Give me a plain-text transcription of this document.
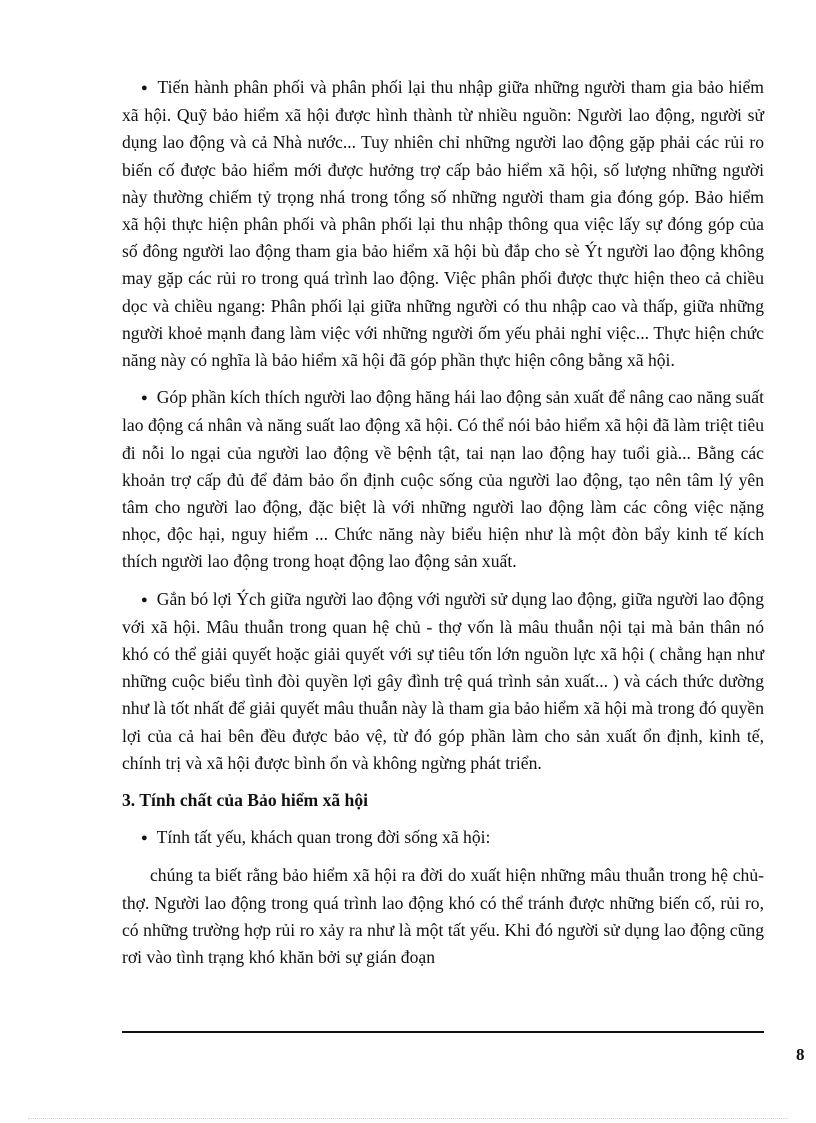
● Tiến hành phân phối và phân phối lại thu nhập giữa những người tham gia bảo hiểm xã hội. Quỹ bảo hiểm xã hội được hình thành từ nhiều nguồn: Người lao động, người sử dụng lao động và cả Nhà nước... Tuy nhiên chỉ những người lao động gặp phải các rủi ro biến cố được bảo hiểm mới được hưởng trợ cấp bảo hiểm xã hội, số lượng những người này thường chiếm tỷ trọng nhá trong tổng số những người tham gia đóng góp. Bảo hiểm xã hội thực hiện phân phối và phân phối lại thu nhập thông qua việc lấy sự đóng góp của số đông người lao động tham gia bảo hiểm xã hội bù đắp cho sè Ýt người lao động không may gặp các rủi ro trong quá trình lao động. Việc phân phối được thực hiện theo cả chiều dọc và chiều ngang: Phân phối lại giữa những người có thu nhập cao và thấp, giữa những người khoẻ mạnh đang làm việc với những người ốm yếu phải nghỉ việc... Thực hiện chức năng này có nghĩa là bảo hiểm xã hội đã góp phần thực hiện công bằng xã hội.

● Góp phần kích thích người lao động hăng hái lao động sản xuất để nâng cao năng suất lao động cá nhân và năng suất lao động xã hội. Có thể nói bảo hiểm xã hội đã làm triệt tiêu đi nỗi lo ngại của người lao động về bệnh tật, tai nạn lao động hay tuổi già... Bằng các khoản trợ cấp đủ để đảm bảo ổn định cuộc sống của người lao động, tạo nên tâm lý yên tâm cho người lao động, đặc biệt là với những người lao động làm các công việc nặng nhọc, độc hại, nguy hiểm ... Chức năng này biểu hiện như là một đòn bẩy kinh tế kích thích người lao động trong hoạt động lao động sản xuất.

● Gắn bó lợi Ých giữa người lao động với người sử dụng lao động, giữa người lao động với xã hội. Mâu thuẫn trong quan hệ chủ - thợ vốn là mâu thuẫn nội tại mà bản thân nó khó có thể giải quyết hoặc giải quyết với sự tiêu tốn lớn nguồn lực xã hội ( chẳng hạn như những cuộc biểu tình đòi quyền lợi gây đình trệ quá trình sản xuất... ) và cách thức dường như là tốt nhất để giải quyết mâu thuẫn này là tham gia bảo hiểm xã hội mà trong đó quyền lợi của cả hai bên đều được bảo vệ, từ đó góp phần làm cho sản xuất ổn định, kinh tế, chính trị và xã hội được bình ổn và không ngừng phát triển.

3. Tính chất của Bảo hiểm xã hội

● Tính tất yếu, khách quan trong đời sống xã hội:

chúng ta biết rằng bảo hiểm xã hội ra đời do xuất hiện những mâu thuẫn trong hệ chủ-thợ. Người lao động trong quá trình lao động khó có thể tránh được những biến cố, rủi ro, có những trường hợp rủi ro xảy ra như là một tất yếu. Khi đó người sử dụng lao động cũng rơi vào tình trạng khó khăn bởi sự gián đoạn

8
